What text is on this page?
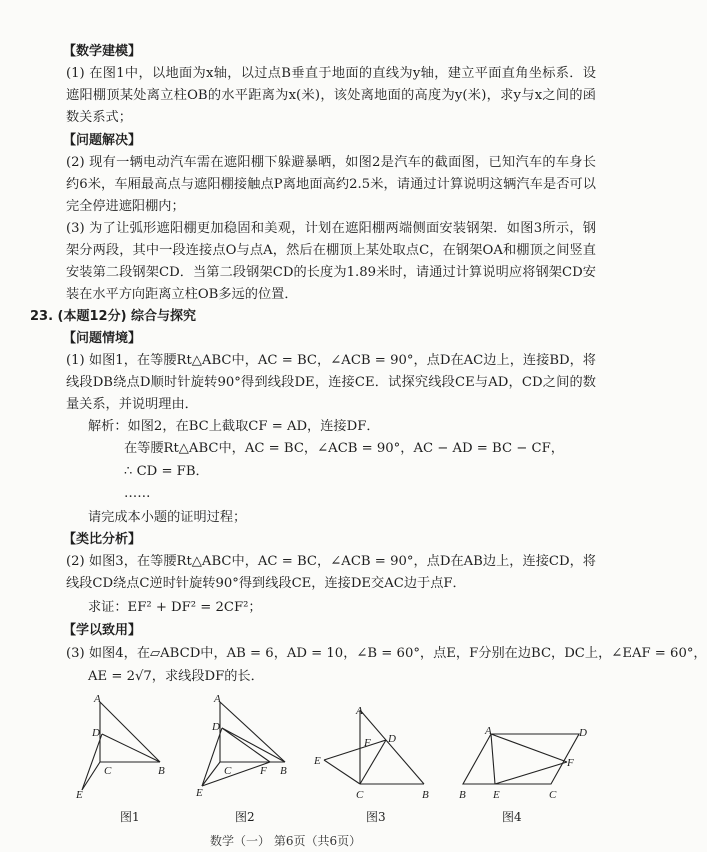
【数学建模】
(1) 在图1中，以地面为x轴，以过点B垂直于地面的直线为y轴，建立平面直角坐标系．设遮阳棚顶某处离立柱OB的水平距离为x(米)，该处离地面的高度为y(米)，求y与x之间的函数关系式；
【问题解决】
(2) 现有一辆电动汽车需在遮阳棚下躲避暴晒，如图2是汽车的截面图，已知汽车的车身长约6米，车厢最高点与遮阳棚接触点P离地面高约2.5米，请通过计算说明这辆汽车是否可以完全停进遮阳棚内；
(3) 为了让弧形遮阳棚更加稳固和美观，计划在遮阳棚两端侧面安装钢架．如图3所示，钢架分两段，其中一段连接点O与点A，然后在棚顶上某处取点C，在钢架OA和棚顶之间竖直安装第二段钢架CD．当第二段钢架CD的长度为1.89米时，请通过计算说明应将钢架CD安装在水平方向距离立柱OB多远的位置．
23. (本题12分) 综合与探究
【问题情境】
(1) 如图1，在等腰Rt△ABC中，AC = BC，∠ACB = 90°，点D在AC边上，连接BD，将线段DB绕点D顺时针旋转90°得到线段DE，连接CE．试探究线段CE与AD，CD之间的数量关系，并说明理由．
解析：如图2，在BC上截取CF = AD，连接DF．
在等腰Rt△ABC中，AC = BC，∠ACB = 90°，AC − AD = BC − CF，
∴ CD = FB．
……
请完成本小题的证明过程；
【类比分析】
(2) 如图3，在等腰Rt△ABC中，AC = BC，∠ACB = 90°，点D在AB边上，连接CD，将线段CD绕点C逆时针旋转90°得到线段CE，连接DE交AC边于点F．
求证：EF² + DF² = 2CF²；
【学以致用】
(3) 如图4，在▱ABCD中，AB = 6，AD = 10，∠B = 60°，点E，F分别在边BC，DC上，∠EAF = 60°，
AE = 2√7，求线段DF的长．
A
D
C	B
E
图1
A
D
C	F B
E
图2
A
F D
E
C	B
图3
A	D
F
B E	C
图4
数学（一） 第6页（共6页）
